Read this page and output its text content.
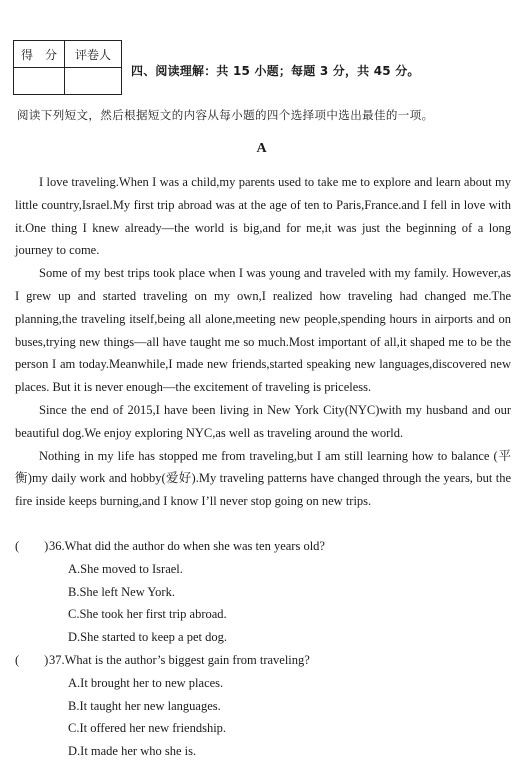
得　分	评卷人

四、阅读理解：共 15 小题；每题 3 分，共 45 分。
阅读下列短文，然后根据短文的内容从每小题的四个选择项中选出最佳的一项。
A

I love traveling.When I was a child,my parents used to take me to explore and learn about my little country,Israel.My first trip abroad was at the age of ten to Paris,France.and I fell in love with it.One thing I knew already—the world is big,and for me,it was just the beginning of a long journey to come.

Some of my best trips took place when I was young and traveled with my family. However,as I grew up and started traveling on my own,I realized how traveling had changed me.The planning,the traveling itself,being all alone,meeting new people,spending hours in airports and on buses,trying new things—all have taught me so much.Most important of all,it shaped me to be the person I am today.Meanwhile,I made new friends,started speaking new languages,discovered new places. But it is never enough—the excitement of traveling is priceless.

Since the end of 2015,I have been living in New York City(NYC)with my husband and our beautiful dog.We enjoy exploring NYC,as well as traveling around the world.

Nothing in my life has stopped me from traveling,but I am still learning how to balance (平衡)my daily work and hobby(爱好).My traveling patterns have changed through the years, but the fire inside keeps burning,and I know I’ll never stop going on new trips.

(　　)36.What did the author do when she was ten years old?
A.She moved to Israel.
B.She left New York.
C.She took her first trip abroad.
D.She started to keep a pet dog.
(　　)37.What is the author’s biggest gain from traveling?
A.It brought her to new places.
B.It taught her new languages.
C.It offered her new friendship.
D.It made her who she is.
